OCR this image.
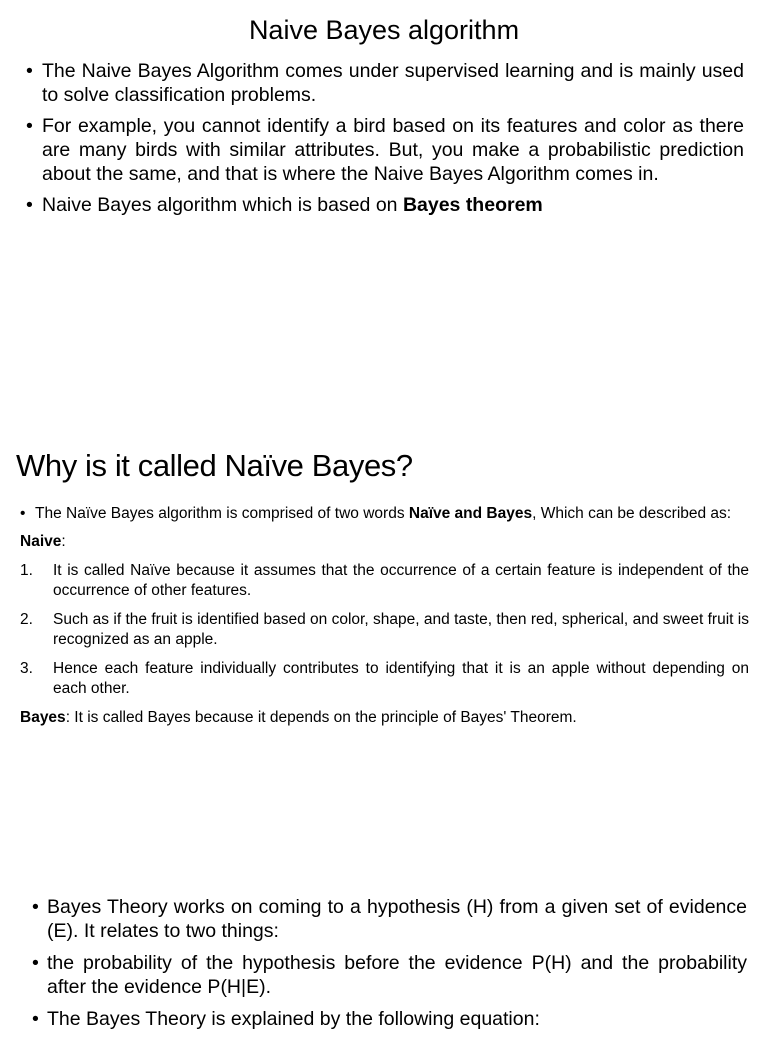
Naive Bayes algorithm
• The Naive Bayes Algorithm comes under supervised learning and is mainly used to solve classification problems.
• For example, you cannot identify a bird based on its features and color as there are many birds with similar attributes. But, you make a probabilistic prediction about the same, and that is where the Naive Bayes Algorithm comes in.
• Naive Bayes algorithm which is based on Bayes theorem
Why is it called Naïve Bayes?
• The Naïve Bayes algorithm is comprised of two words Naïve and Bayes, Which can be described as:
Naive:
1. It is called Naïve because it assumes that the occurrence of a certain feature is independent of the occurrence of other features.
2. Such as if the fruit is identified based on color, shape, and taste, then red, spherical, and sweet fruit is recognized as an apple.
3. Hence each feature individually contributes to identifying that it is an apple without depending on each other.
Bayes: It is called Bayes because it depends on the principle of Bayes' Theorem.
• Bayes Theory works on coming to a hypothesis (H) from a given set of evidence (E). It relates to two things:
• the probability of the hypothesis before the evidence P(H) and the probability after the evidence P(H|E).
• The Bayes Theory is explained by the following equation:
